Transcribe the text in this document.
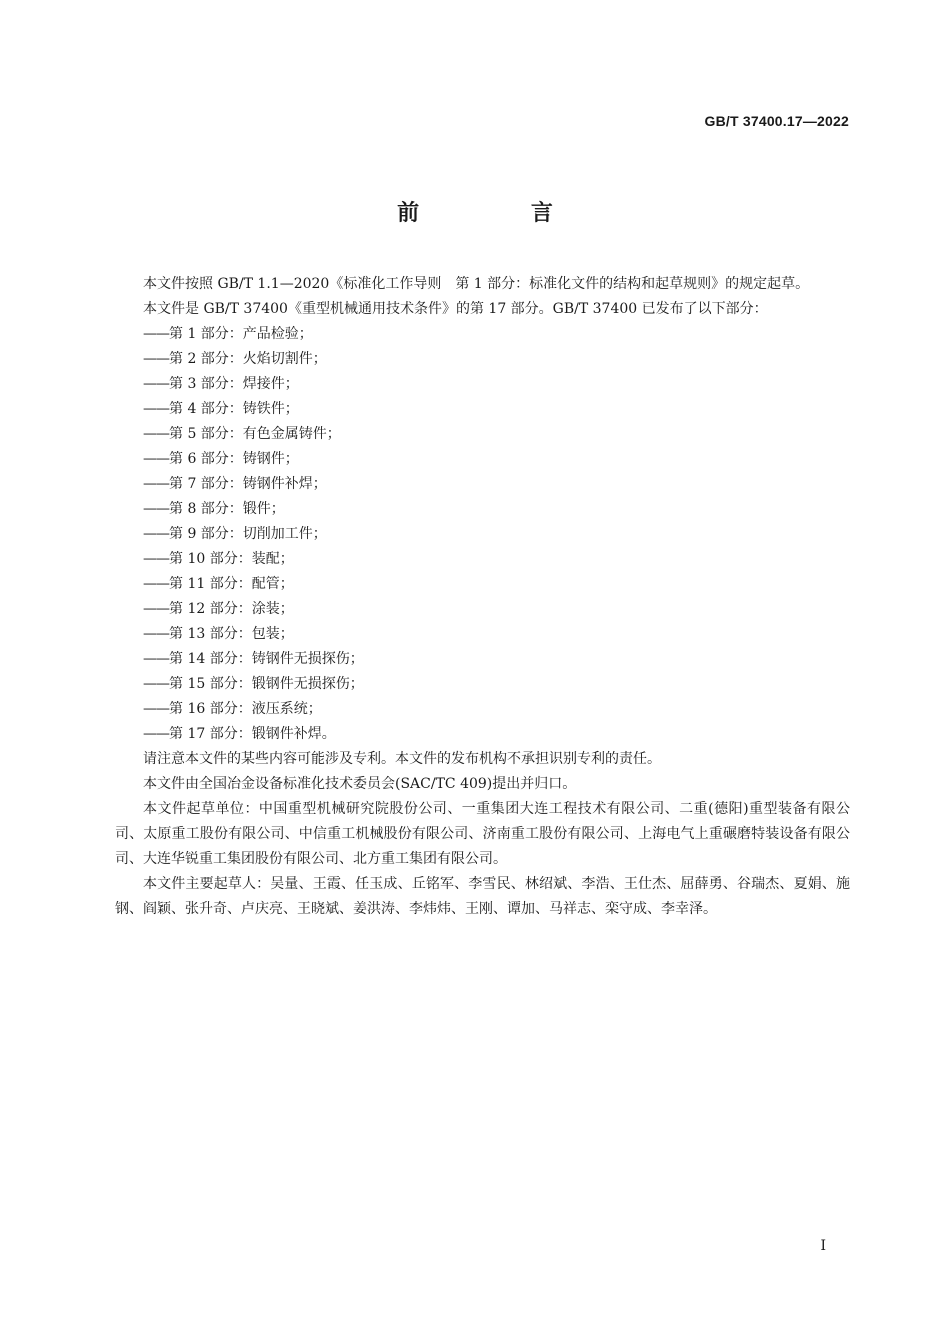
GB/T 37400.17—2022
前 言

本文件按照 GB/T 1.1—2020《标准化工作导则　第 1 部分：标准化文件的结构和起草规则》的规定起草。

本文件是 GB/T 37400《重型机械通用技术条件》的第 17 部分。GB/T 37400 已发布了以下部分：

——第 1 部分：产品检验；
——第 2 部分：火焰切割件；
——第 3 部分：焊接件；
——第 4 部分：铸铁件；
——第 5 部分：有色金属铸件；
——第 6 部分：铸钢件；
——第 7 部分：铸钢件补焊；
——第 8 部分：锻件；
——第 9 部分：切削加工件；
——第 10 部分：装配；
——第 11 部分：配管；
——第 12 部分：涂装；
——第 13 部分：包装；
——第 14 部分：铸钢件无损探伤；
——第 15 部分：锻钢件无损探伤；
——第 16 部分：液压系统；
——第 17 部分：锻钢件补焊。

请注意本文件的某些内容可能涉及专利。本文件的发布机构不承担识别专利的责任。

本文件由全国冶金设备标准化技术委员会(SAC/TC 409)提出并归口。

本文件起草单位：中国重型机械研究院股份公司、一重集团大连工程技术有限公司、二重(德阳)重型装备有限公司、太原重工股份有限公司、中信重工机械股份有限公司、济南重工股份有限公司、上海电气上重碾磨特装设备有限公司、大连华锐重工集团股份有限公司、北方重工集团有限公司。

本文件主要起草人：吴量、王霞、任玉成、丘铭军、李雪民、林绍斌、李浩、王仕杰、屈薛勇、谷瑞杰、夏娟、施钢、阎颖、张升奇、卢庆亮、王晓斌、姜洪涛、李炜炜、王刚、谭加、马祥志、栾守成、李幸泽。

I
